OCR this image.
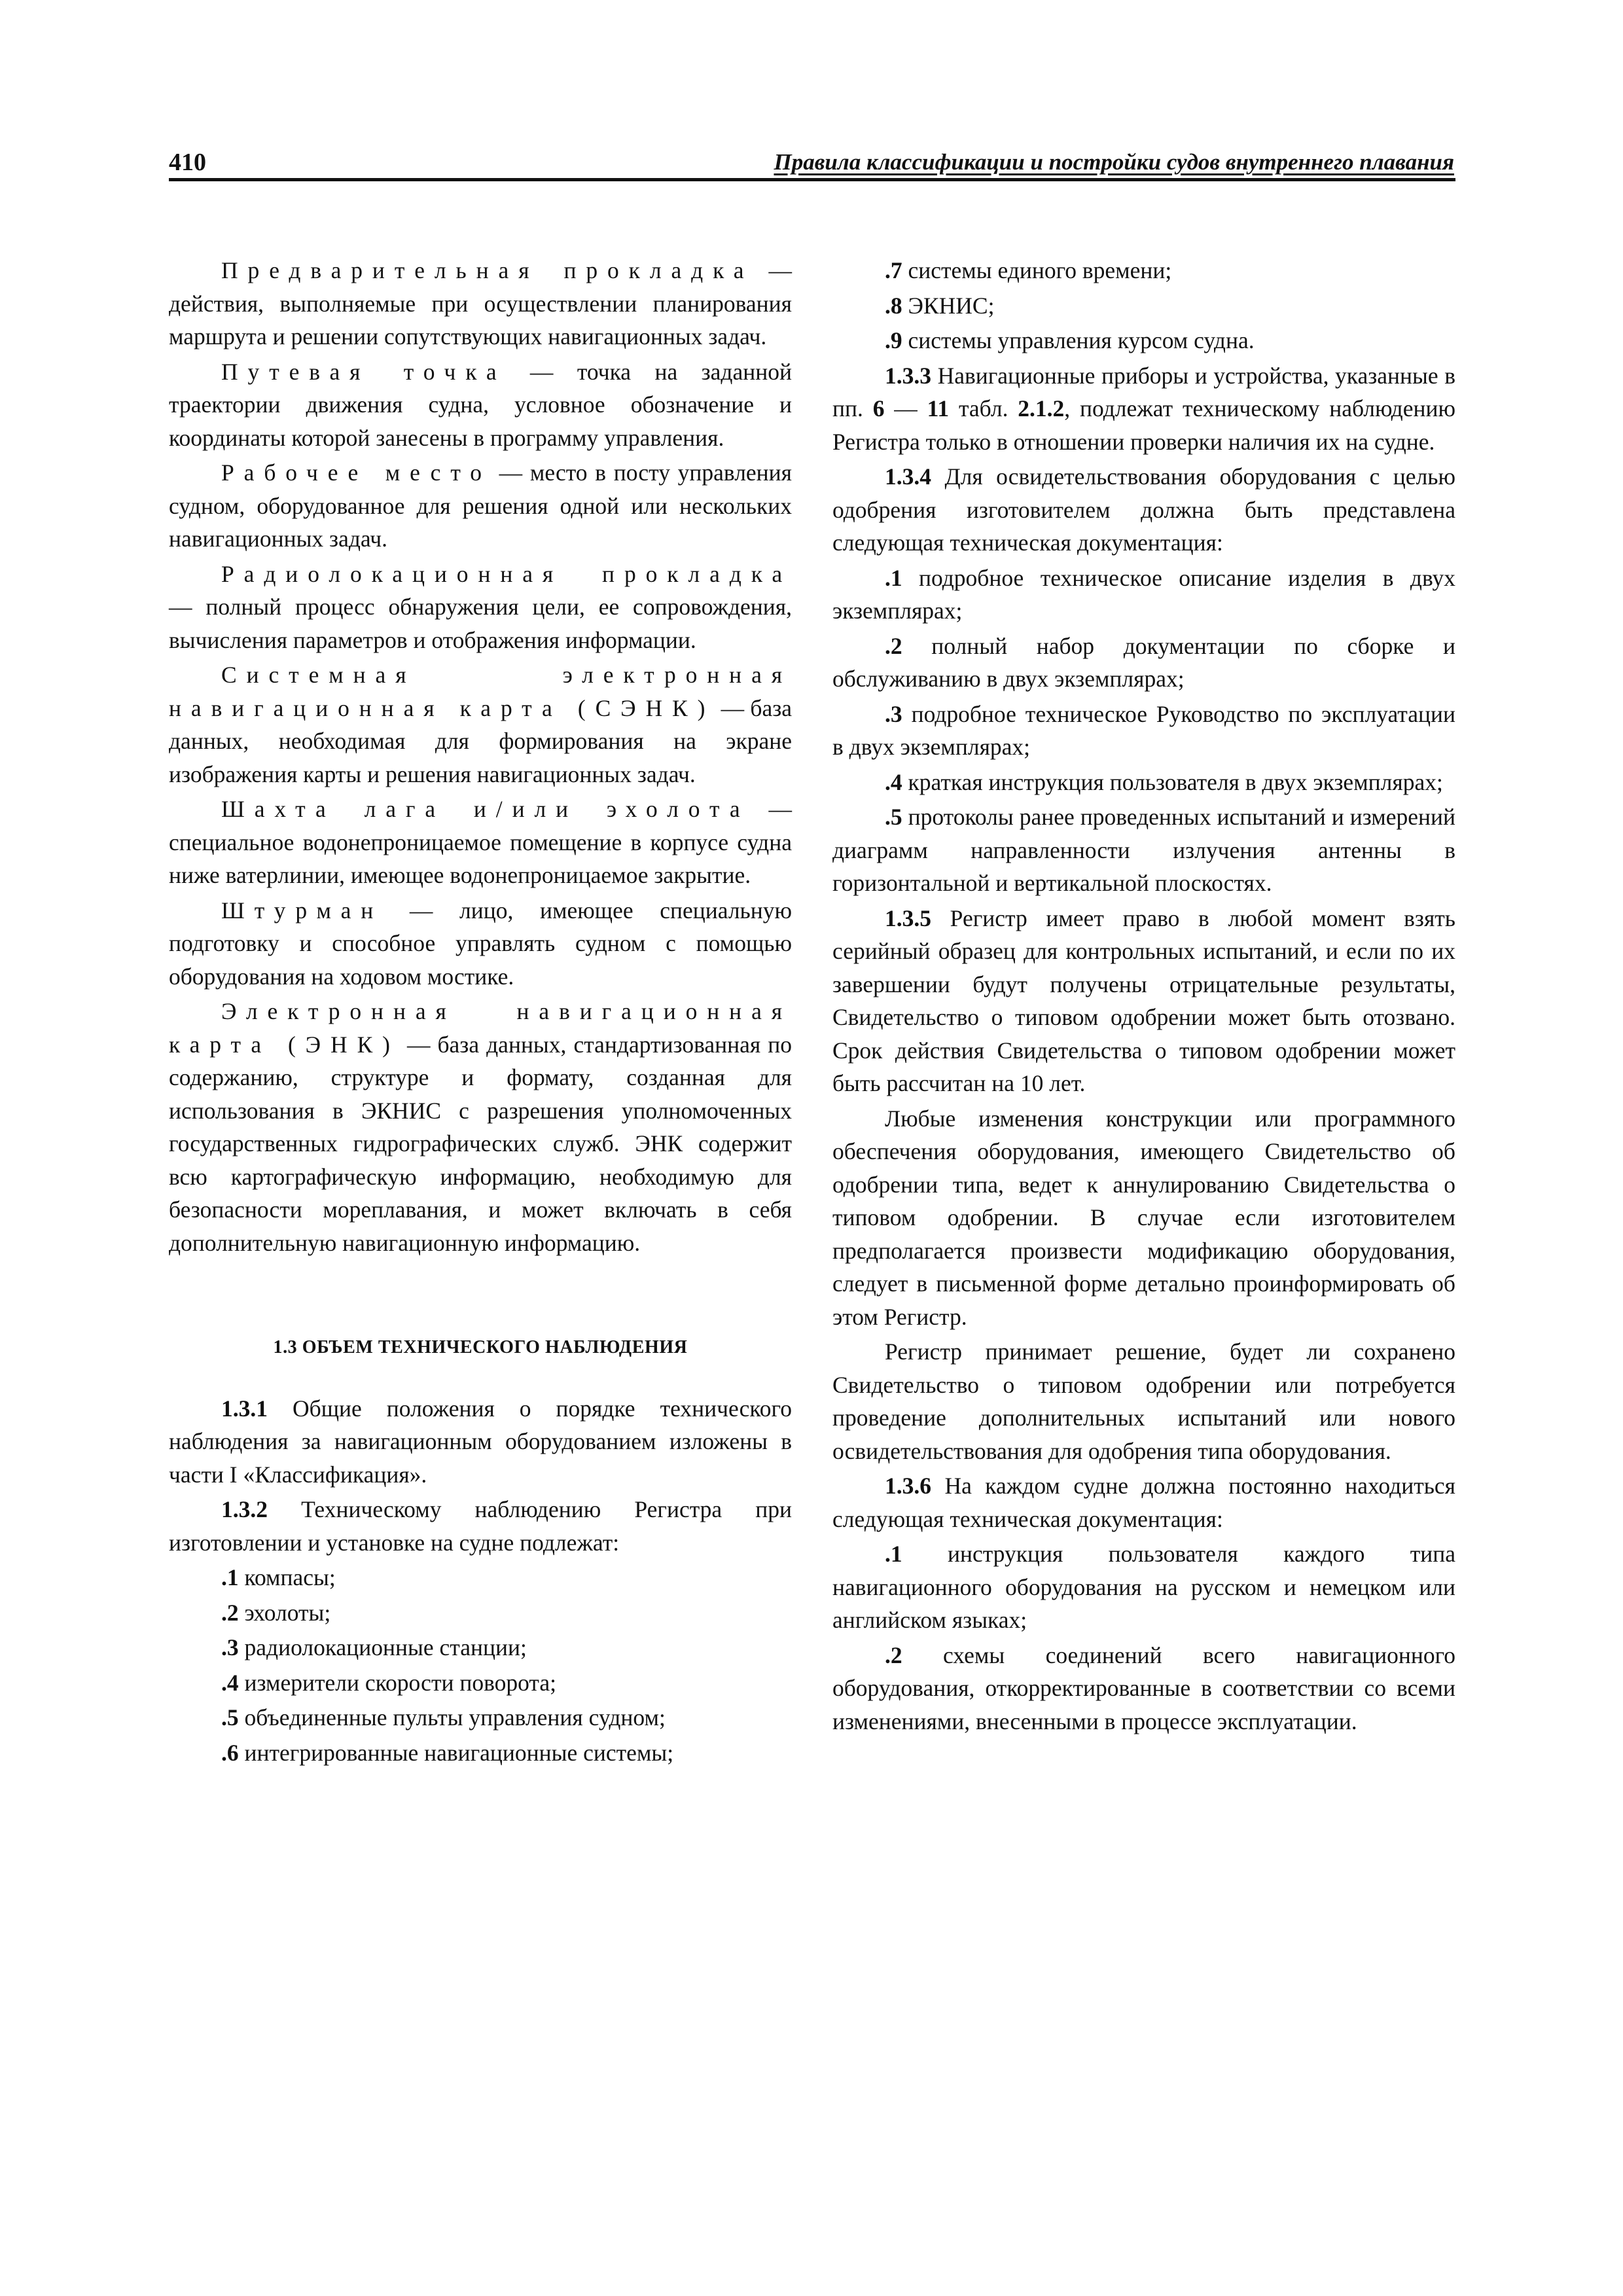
410	Правила классификации и постройки судов внутреннего плавания

Предварительная прокладка — действия, выполняемые при осуществлении планирования маршрута и решении сопутствующих навигационных задач.

Путевая точка — точка на заданной траектории движения судна, условное обозначение и координаты которой занесены в программу управления.

Рабочее место — место в посту управления судном, оборудованное для решения одной или нескольких навигационных задач.

Радиолокационная прокладка — полный процесс обнаружения цели, ее сопровождения, вычисления параметров и отображения информации.

Системная электронная навигационная карта (СЭНК) — база данных, необходимая для формирования на экране изображения карты и решения навигационных задач.

Шахта лага и/или эхолота — специальное водонепроницаемое помещение в корпусе судна ниже ватерлинии, имеющее водонепроницаемое закрытие.

Штурман — лицо, имеющее специальную подготовку и способное управлять судном с помощью оборудования на ходовом мостике.

Электронная навигационная карта (ЭНК) — база данных, стандартизованная по содержанию, структуре и формату, созданная для использования в ЭКНИС с разрешения уполномоченных государственных гидрографических служб. ЭНК содержит всю картографическую информацию, необходимую для безопасности мореплавания, и может включать в себя дополнительную навигационную информацию.

1.3 ОБЪЕМ ТЕХНИЧЕСКОГО НАБЛЮДЕНИЯ

1.3.1 Общие положения о порядке технического наблюдения за навигационным оборудованием изложены в части I «Классификация».

1.3.2 Техническому наблюдению Регистра при изготовлении и установке на судне подлежат:

.1 компасы;
.2 эхолоты;
.3 радиолокационные станции;
.4 измерители скорости поворота;
.5 объединенные пульты управления судном;
.6 интегрированные навигационные системы;
.7 системы единого времени;
.8 ЭКНИС;
.9 системы управления курсом судна.

1.3.3 Навигационные приборы и устройства, указанные в пп. 6 — 11 табл. 2.1.2, подлежат техническому наблюдению Регистра только в отношении проверки наличия их на судне.

1.3.4 Для освидетельствования оборудования с целью одобрения изготовителем должна быть представлена следующая техническая документация:

.1 подробное техническое описание изделия в двух экземплярах;
.2 полный набор документации по сборке и обслуживанию в двух экземплярах;
.3 подробное техническое Руководство по эксплуатации в двух экземплярах;
.4 краткая инструкция пользователя в двух экземплярах;
.5 протоколы ранее проведенных испытаний и измерений диаграмм направленности излучения антенны в горизонтальной и вертикальной плоскостях.

1.3.5 Регистр имеет право в любой момент взять серийный образец для контрольных испытаний, и если по их завершении будут получены отрицательные результаты, Свидетельство о типовом одобрении может быть отозвано. Срок действия Свидетельства о типовом одобрении может быть рассчитан на 10 лет.

Любые изменения конструкции или программного обеспечения оборудования, имеющего Свидетельство об одобрении типа, ведет к аннулированию Свидетельства о типовом одобрении. В случае если изготовителем предполагается произвести модификацию оборудования, следует в письменной форме детально проинформировать об этом Регистр.

Регистр принимает решение, будет ли сохранено Свидетельство о типовом одобрении или потребуется проведение дополнительных испытаний или нового освидетельствования для одобрения типа оборудования.

1.3.6 На каждом судне должна постоянно находиться следующая техническая документация:

.1 инструкция пользователя каждого типа навигационного оборудования на русском и немецком или английском языках;
.2 схемы соединений всего навигационного оборудования, откорректированные в соответствии со всеми изменениями, внесенными в процессе эксплуатации.
